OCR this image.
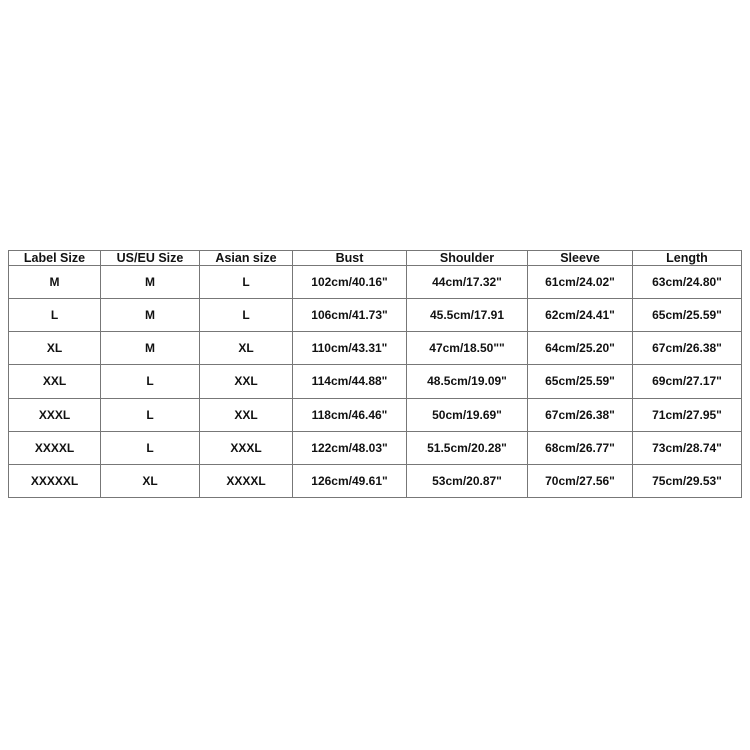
Label Size	US/EU Size	Asian size	Bust	Shoulder	Sleeve	Length
M	M	L	102cm/40.16"	44cm/17.32"	61cm/24.02"	63cm/24.80"
L	M	L	106cm/41.73"	45.5cm/17.91	62cm/24.41"	65cm/25.59"
XL	M	XL	110cm/43.31"	47cm/18.50""	64cm/25.20"	67cm/26.38"
XXL	L	XXL	114cm/44.88"	48.5cm/19.09"	65cm/25.59"	69cm/27.17"
XXXL	L	XXL	118cm/46.46"	50cm/19.69"	67cm/26.38"	71cm/27.95"
XXXXL	L	XXXL	122cm/48.03"	51.5cm/20.28"	68cm/26.77"	73cm/28.74"
XXXXXL	XL	XXXXL	126cm/49.61"	53cm/20.87"	70cm/27.56"	75cm/29.53"
